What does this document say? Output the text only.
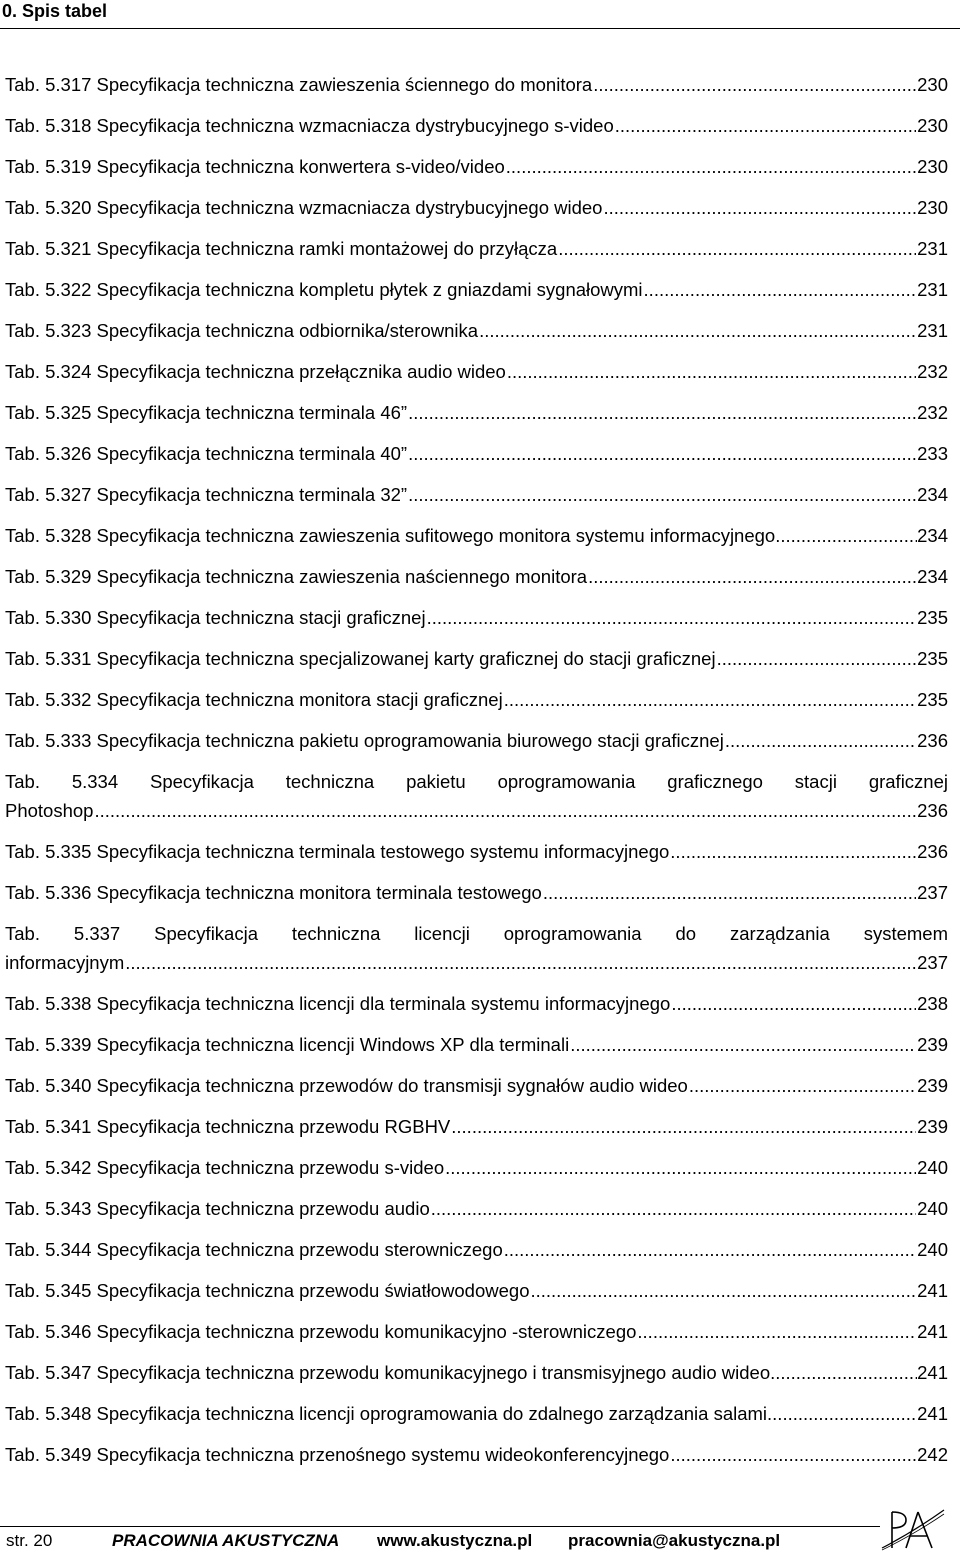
0. Spis tabel
Tab. 5.317 Specyfikacja techniczna zawieszenia ściennego do monitora .....	230
Tab. 5.318 Specyfikacja techniczna wzmacniacza dystrybucyjnego s-video .....	230
Tab. 5.319 Specyfikacja techniczna konwertera s-video/video .....	230
Tab. 5.320 Specyfikacja techniczna wzmacniacza dystrybucyjnego wideo .....	230
Tab. 5.321 Specyfikacja techniczna ramki montażowej do przyłącza .....	231
Tab. 5.322 Specyfikacja techniczna kompletu płytek z gniazdami sygnałowymi .....	231
Tab. 5.323 Specyfikacja techniczna odbiornika/sterownika .....	231
Tab. 5.324 Specyfikacja techniczna przełącznika audio wideo .....	232
Tab. 5.325 Specyfikacja techniczna terminala 46” .....	232
Tab. 5.326 Specyfikacja techniczna terminala 40” .....	233
Tab. 5.327 Specyfikacja techniczna terminala 32” .....	234
Tab. 5.328 Specyfikacja techniczna zawieszenia sufitowego monitora systemu informacyjnego .....	234
Tab. 5.329 Specyfikacja techniczna zawieszenia naściennego monitora .....	234
Tab. 5.330 Specyfikacja techniczna stacji graficznej .....	235
Tab. 5.331 Specyfikacja techniczna specjalizowanej karty graficznej do stacji graficznej .....	235
Tab. 5.332 Specyfikacja techniczna monitora stacji graficznej .....	235
Tab. 5.333 Specyfikacja techniczna pakietu oprogramowania biurowego stacji graficznej .....	236
Tab. 5.334 Specyfikacja techniczna pakietu oprogramowania graficznego stacji graficznej
Photoshop .....	236
Tab. 5.335 Specyfikacja techniczna terminala testowego systemu informacyjnego .....	236
Tab. 5.336 Specyfikacja techniczna monitora terminala testowego .....	237
Tab. 5.337 Specyfikacja techniczna licencji oprogramowania do zarządzania systemem
informacyjnym .....	237
Tab. 5.338 Specyfikacja techniczna licencji dla terminala systemu informacyjnego .....	238
Tab. 5.339 Specyfikacja techniczna licencji Windows XP dla terminali .....	239
Tab. 5.340 Specyfikacja techniczna przewodów do transmisji sygnałów audio wideo .....	239
Tab. 5.341 Specyfikacja techniczna przewodu RGBHV .....	239
Tab. 5.342 Specyfikacja techniczna przewodu s-video .....	240
Tab. 5.343 Specyfikacja techniczna przewodu audio .....	240
Tab. 5.344 Specyfikacja techniczna przewodu sterowniczego .....	240
Tab. 5.345 Specyfikacja techniczna przewodu światłowodowego .....	241
Tab. 5.346 Specyfikacja techniczna przewodu komunikacyjno -sterowniczego .....	241
Tab. 5.347 Specyfikacja techniczna przewodu komunikacyjnego i transmisyjnego audio wideo .....	241
Tab. 5.348 Specyfikacja techniczna licencji oprogramowania do zdalnego zarządzania salami .....	241
Tab. 5.349 Specyfikacja techniczna przenośnego systemu wideokonferencyjnego .....	242
str. 20	PRACOWNIA AKUSTYCZNA www.akustyczna.pl pracownia@akustyczna.pl
